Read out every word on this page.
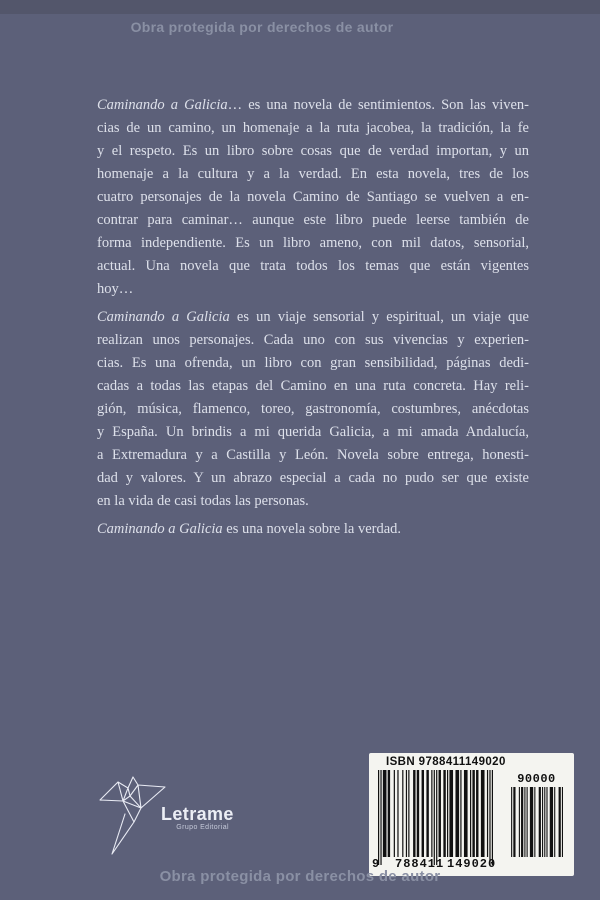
Obra protegida por derechos de autor
Caminando a Galicia… es una novela de sentimientos. Son las viven-
cias de un camino, un homenaje a la ruta jacobea, la tradición, la fe
y el respeto. Es un libro sobre cosas que de verdad importan, y un
homenaje a la cultura y a la verdad. En esta novela, tres de los
cuatro personajes de la novela Camino de Santiago se vuelven a en-
contrar para caminar… aunque este libro puede leerse también de
forma independiente. Es un libro ameno, con mil datos, sensorial,
actual. Una novela que trata todos los temas que están vigentes
hoy…
Caminando a Galicia es un viaje sensorial y espiritual, un viaje que
realizan unos personajes. Cada uno con sus vivencias y experien-
cias. Es una ofrenda, un libro con gran sensibilidad, páginas dedi-
cadas a todas las etapas del Camino en una ruta concreta. Hay reli-
gión, música, flamenco, toreo, gastronomía, costumbres, anécdotas
y España. Un brindis a mi querida Galicia, a mi amada Andalucía,
a Extremadura y a Castilla y León. Novela sobre entrega, honesti-
dad y valores. Y un abrazo especial a cada no pudo ser que existe
en la vida de casi todas las personas.
Caminando a Galicia es una novela sobre la verdad.
Letrame
Grupo Editorial
ISBN 9788411149020
9 788411 149020
90000
Obra protegida por derechos de autor
